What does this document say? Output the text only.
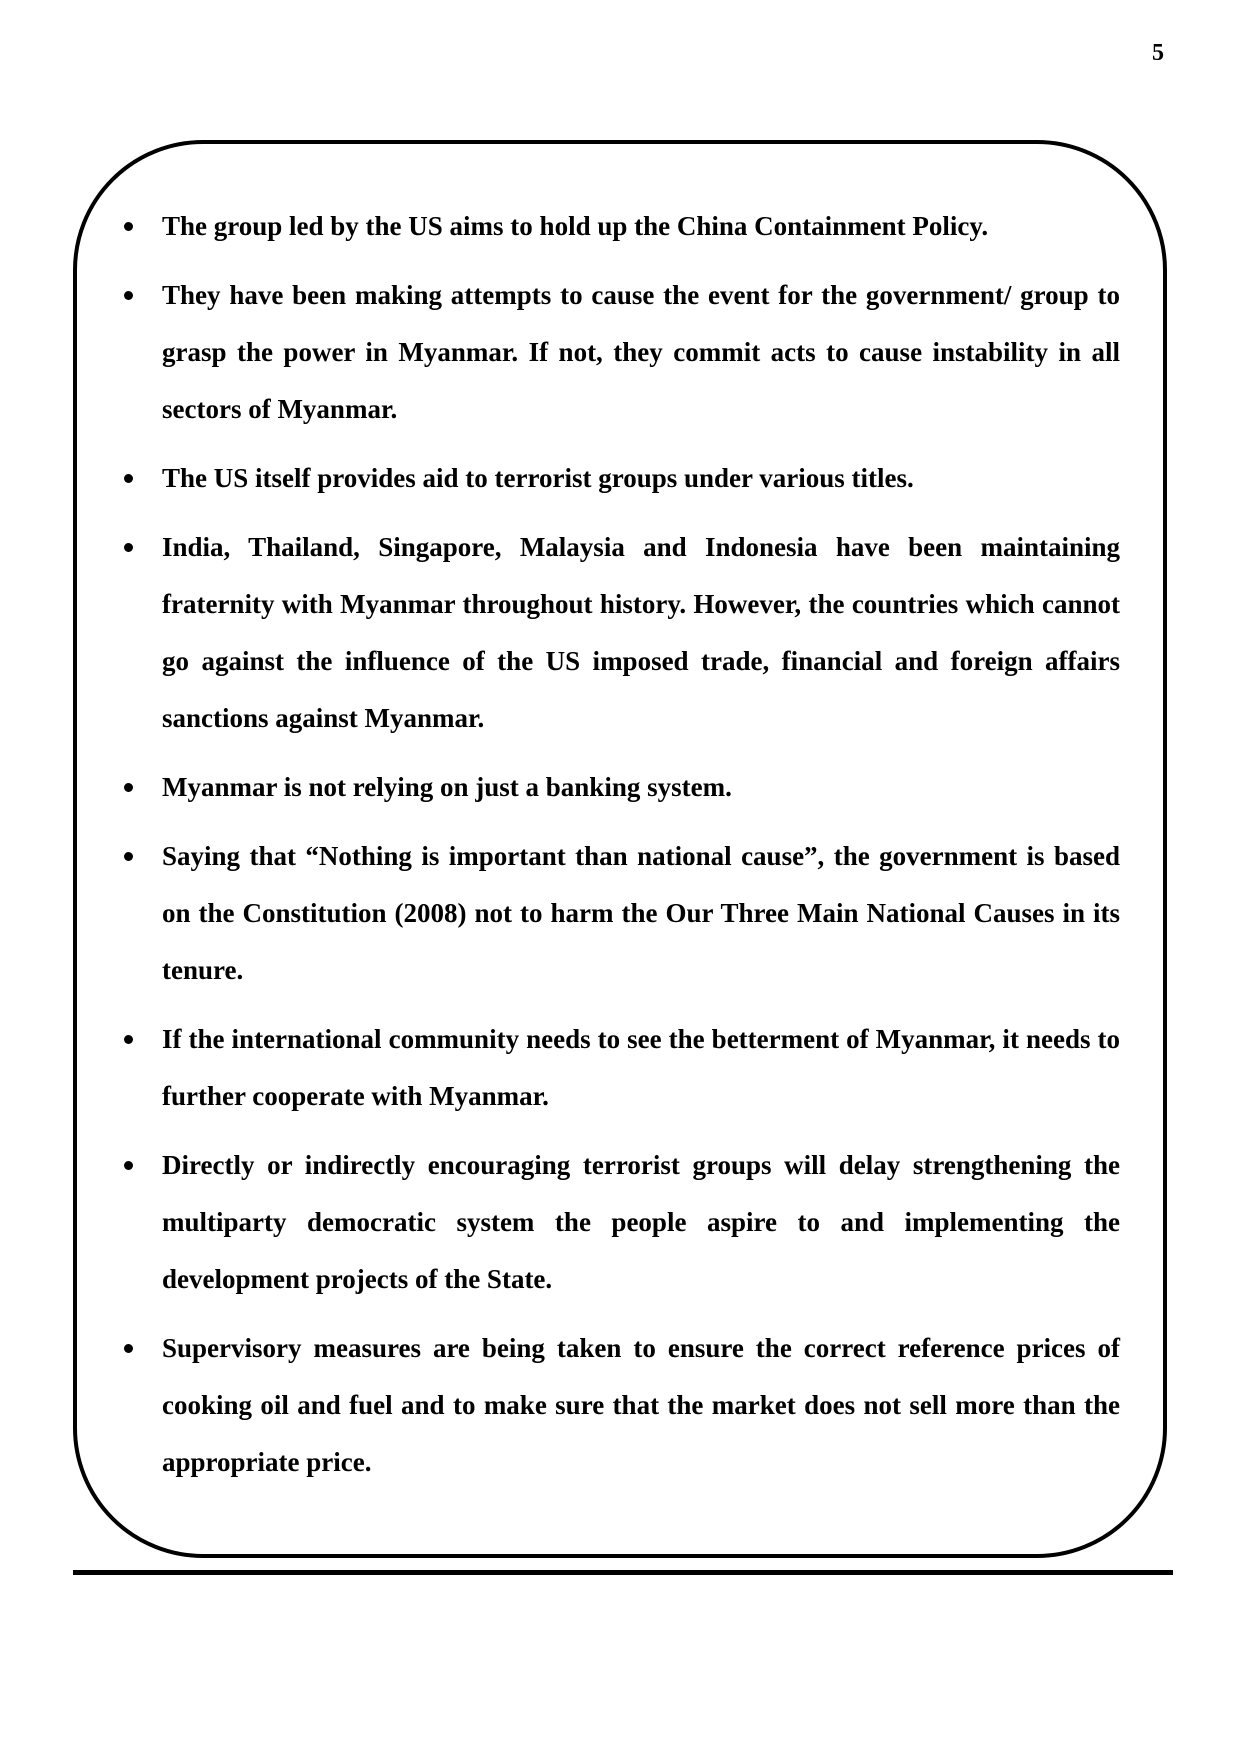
5
The group led by the US aims to hold up the China Containment Policy.
They have been making attempts to cause the event for the government/ group to grasp the power in Myanmar. If not, they commit acts to cause instability in all sectors of Myanmar.
The US itself provides aid to terrorist groups under various titles.
India, Thailand, Singapore, Malaysia and Indonesia have been maintaining fraternity with Myanmar throughout history. However, the countries which cannot go against the influence of the US imposed trade, financial and foreign affairs sanctions against Myanmar.
Myanmar is not relying on just a banking system.
Saying that “Nothing is important than national cause”, the government is based on the Constitution (2008) not to harm the Our Three Main National Causes in its tenure.
If the international community needs to see the betterment of Myanmar, it needs to further cooperate with Myanmar.
Directly or indirectly encouraging terrorist groups will delay strengthening the multiparty democratic system the people aspire to and implementing the development projects of the State.
Supervisory measures are being taken to ensure the correct reference prices of cooking oil and fuel and to make sure that the market does not sell more than the appropriate price.
